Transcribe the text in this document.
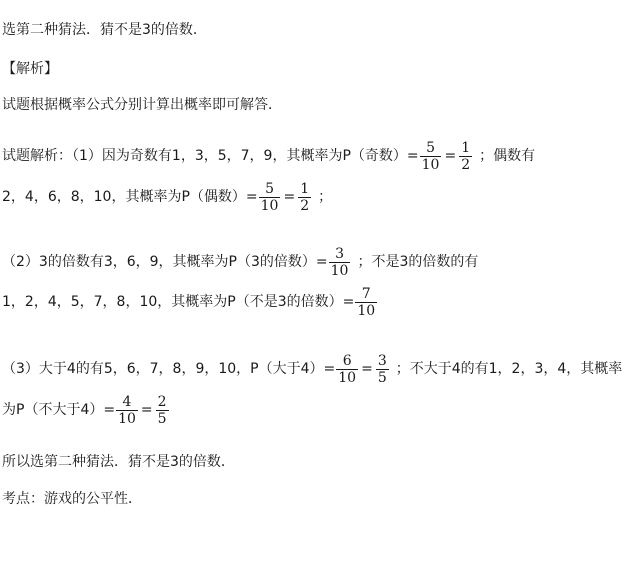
选第二种猜法．猜不是3的倍数．
【解析】
试题根据概率公式分别计算出概率即可解答．
试题解析：（1）因为奇数有1，3，5，7，9，其概率为P（奇数）= $\frac{5}{10} = \frac{1}{2}$ ；偶数有
2，4，6，8，10，其概率为P（偶数）= $\frac{5}{10} = \frac{1}{2}$ ；
（2）3的倍数有3，6，9，其概率为P（3的倍数）= $\frac{3}{10}$ ；不是3的倍数的有
1，2，4，5，7，8，10，其概率为P（不是3的倍数）= $\frac{7}{10}$
（3）大于4的有5，6，7，8，9，10，P（大于$4)= \frac{6}{10} = \frac{3}{5}$ ；不大于4的有1，2，3，4，其概率
为P（不大于$4)= \frac{4}{10} = \frac{2}{5}$
所以选第二种猜法．猜不是3的倍数．
考点：游戏的公平性．
